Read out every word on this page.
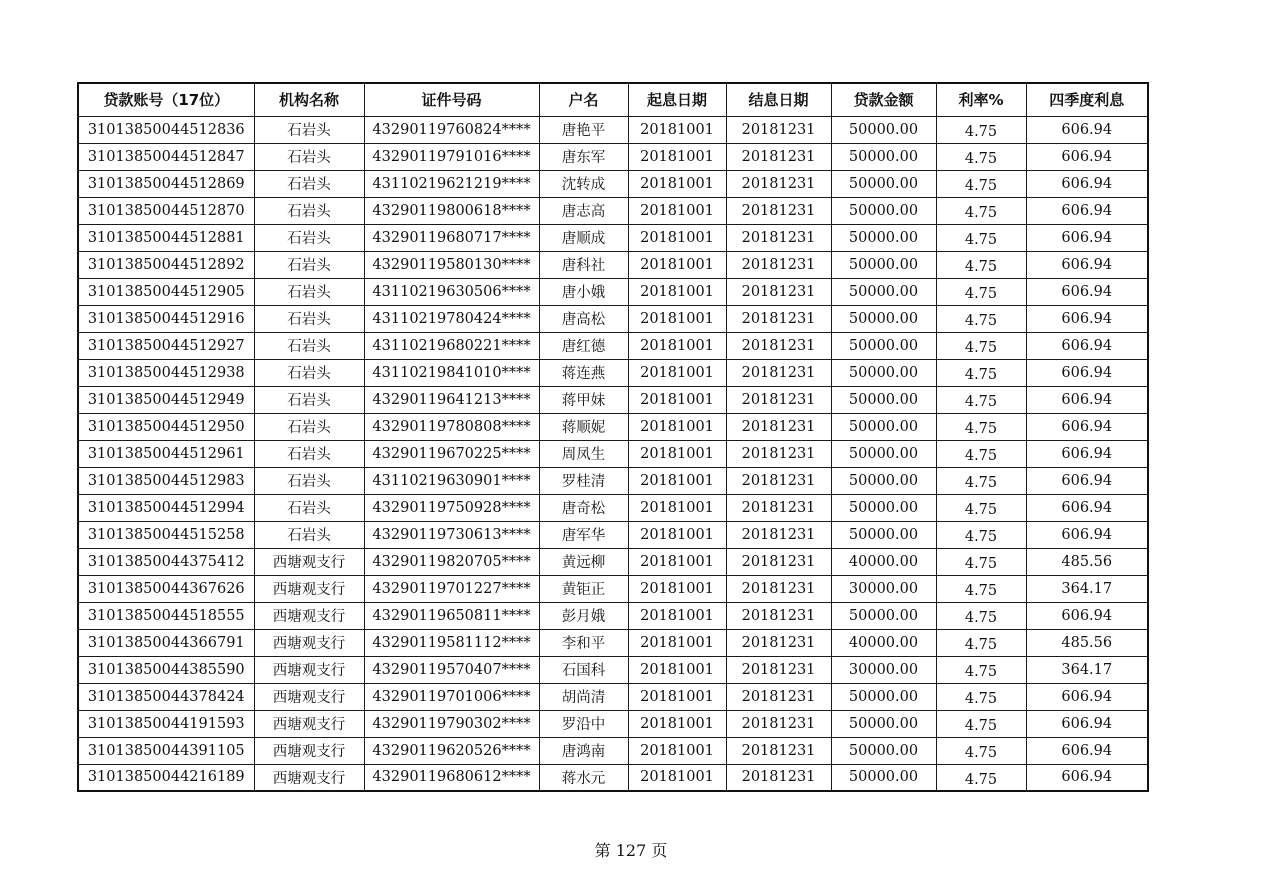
贷款账号（17位）	机构名称	证件号码	户名	起息日期	结息日期	贷款金额	利率%	四季度利息
31013850044512836	石岩头	43290119760824****	唐艳平	20181001	20181231	50000.00	4.75	606.94
31013850044512847	石岩头	43290119791016****	唐东军	20181001	20181231	50000.00	4.75	606.94
31013850044512869	石岩头	43110219621219****	沈转成	20181001	20181231	50000.00	4.75	606.94
31013850044512870	石岩头	43290119800618****	唐志高	20181001	20181231	50000.00	4.75	606.94
31013850044512881	石岩头	43290119680717****	唐顺成	20181001	20181231	50000.00	4.75	606.94
31013850044512892	石岩头	43290119580130****	唐科社	20181001	20181231	50000.00	4.75	606.94
31013850044512905	石岩头	43110219630506****	唐小娥	20181001	20181231	50000.00	4.75	606.94
31013850044512916	石岩头	43110219780424****	唐高松	20181001	20181231	50000.00	4.75	606.94
31013850044512927	石岩头	43110219680221****	唐红德	20181001	20181231	50000.00	4.75	606.94
31013850044512938	石岩头	43110219841010****	蒋连燕	20181001	20181231	50000.00	4.75	606.94
31013850044512949	石岩头	43290119641213****	蒋甲妹	20181001	20181231	50000.00	4.75	606.94
31013850044512950	石岩头	43290119780808****	蒋顺妮	20181001	20181231	50000.00	4.75	606.94
31013850044512961	石岩头	43290119670225****	周凤生	20181001	20181231	50000.00	4.75	606.94
31013850044512983	石岩头	43110219630901****	罗桂清	20181001	20181231	50000.00	4.75	606.94
31013850044512994	石岩头	43290119750928****	唐奇松	20181001	20181231	50000.00	4.75	606.94
31013850044515258	石岩头	43290119730613****	唐军华	20181001	20181231	50000.00	4.75	606.94
31013850044375412	西塘观支行	43290119820705****	黄远柳	20181001	20181231	40000.00	4.75	485.56
31013850044367626	西塘观支行	43290119701227****	黄钜正	20181001	20181231	30000.00	4.75	364.17
31013850044518555	西塘观支行	43290119650811****	彭月娥	20181001	20181231	50000.00	4.75	606.94
31013850044366791	西塘观支行	43290119581112****	李和平	20181001	20181231	40000.00	4.75	485.56
31013850044385590	西塘观支行	43290119570407****	石国科	20181001	20181231	30000.00	4.75	364.17
31013850044378424	西塘观支行	43290119701006****	胡尚清	20181001	20181231	50000.00	4.75	606.94
31013850044191593	西塘观支行	43290119790302****	罗沿中	20181001	20181231	50000.00	4.75	606.94
31013850044391105	西塘观支行	43290119620526****	唐鸿南	20181001	20181231	50000.00	4.75	606.94
31013850044216189	西塘观支行	43290119680612****	蒋水元	20181001	20181231	50000.00	4.75	606.94
第 127 页
